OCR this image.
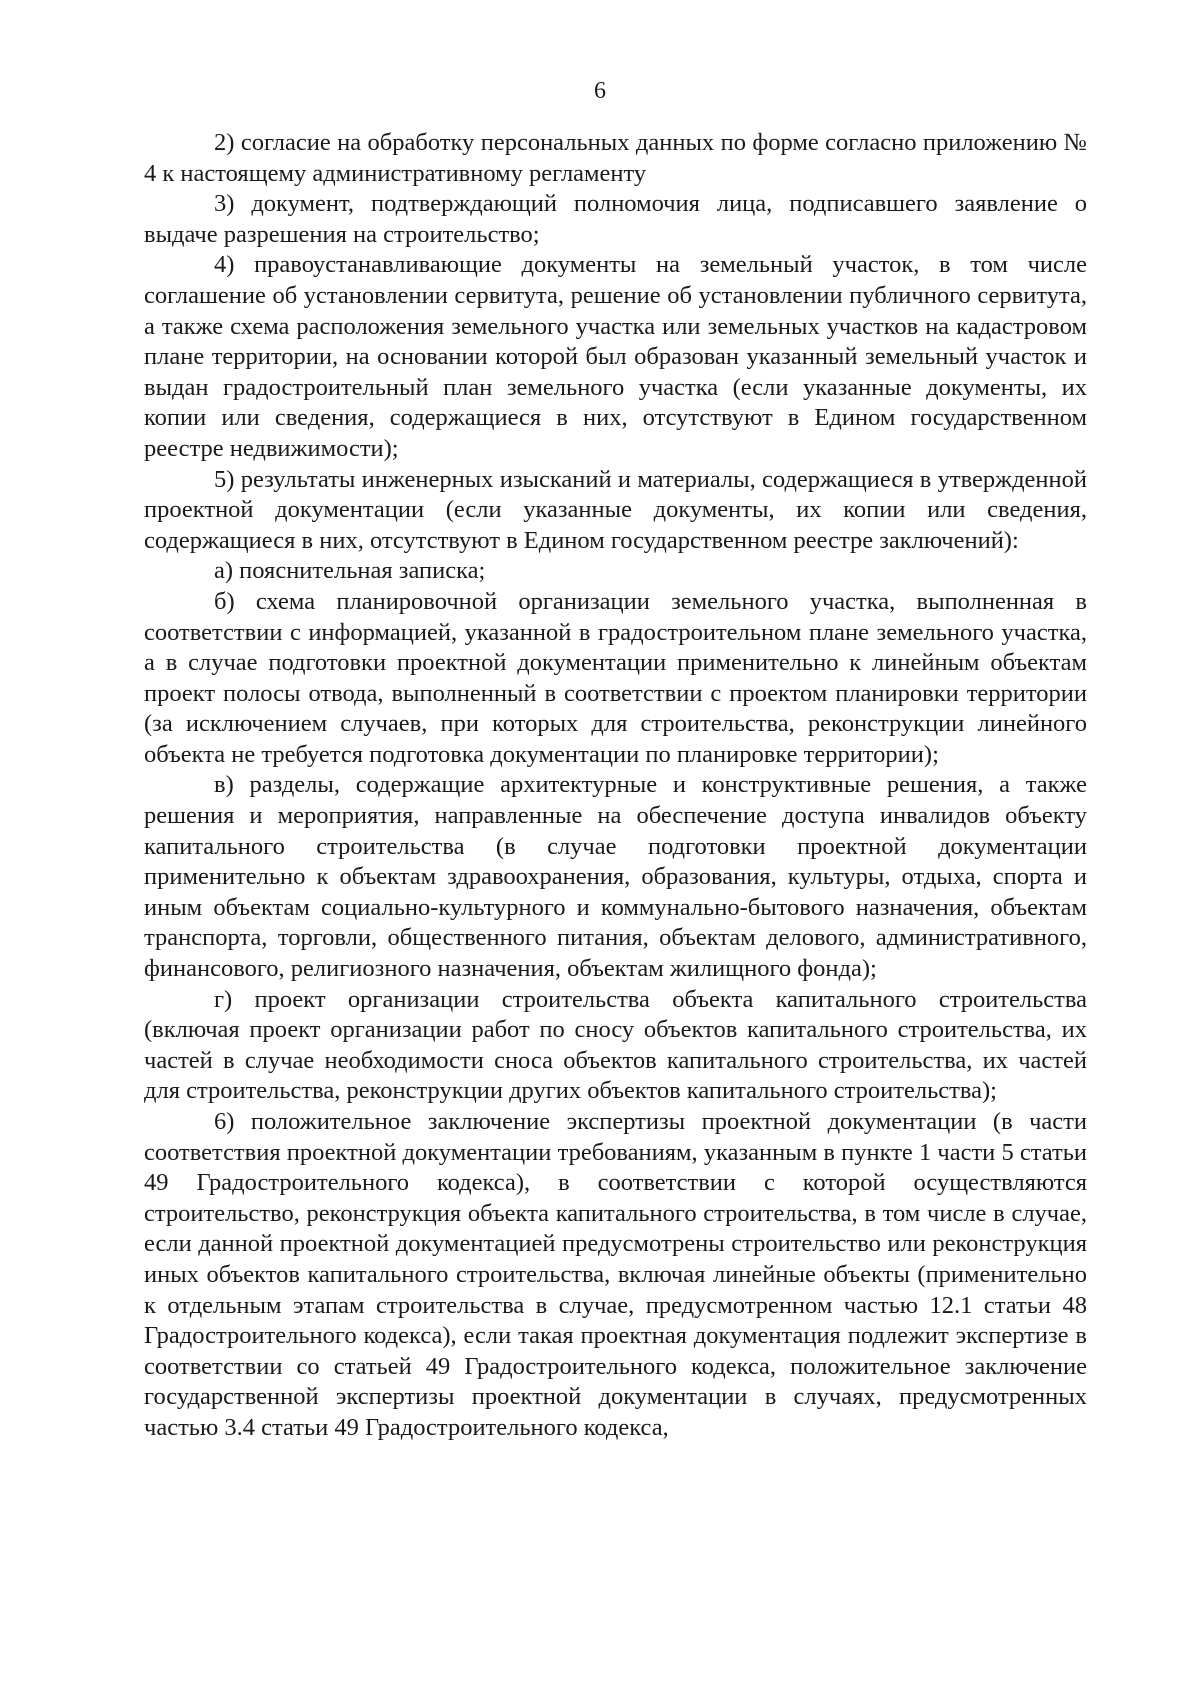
6

2) согласие на обработку персональных данных по форме согласно приложению № 4 к настоящему административному регламенту

3) документ, подтверждающий полномочия лица, подписавшего заявление о выдаче разрешения на строительство;

4) правоустанавливающие документы на земельный участок, в том числе соглашение об установлении сервитута, решение об установлении публичного сервитута, а также схема расположения земельного участка или земельных участков на кадастровом плане территории, на основании которой был образован указанный земельный участок и выдан градостроительный план земельного участка (если указанные документы, их копии или сведения, содержащиеся в них, отсутствуют в Едином государственном реестре недвижимости);

5) результаты инженерных изысканий и материалы, содержащиеся в утвержденной проектной документации (если указанные документы, их копии или сведения, содержащиеся в них, отсутствуют в Едином государственном реестре заключений):

а) пояснительная записка;

б) схема планировочной организации земельного участка, выполненная в соответствии с информацией, указанной в градостроительном плане земельного участка, а в случае подготовки проектной документации применительно к линейным объектам проект полосы отвода, выполненный в соответствии с проектом планировки территории (за исключением случаев, при которых для строительства, реконструкции линейного объекта не требуется подготовка документации по планировке территории);

в) разделы, содержащие архитектурные и конструктивные решения, а также решения и мероприятия, направленные на обеспечение доступа инвалидов объекту капитального строительства (в случае подготовки проектной документации применительно к объектам здравоохранения, образования, культуры, отдыха, спорта и иным объектам социально-культурного и коммунально-бытового назначения, объектам транспорта, торговли, общественного питания, объектам делового, административного, финансового, религиозного назначения, объектам жилищного фонда);

г) проект организации строительства объекта капитального строительства (включая проект организации работ по сносу объектов капитального строительства, их частей в случае необходимости сноса объектов капитального строительства, их частей для строительства, реконструкции других объектов капитального строительства);

6) положительное заключение экспертизы проектной документации (в части соответствия проектной документации требованиям, указанным в пункте 1 части 5 статьи 49 Градостроительного кодекса), в соответствии с которой осуществляются строительство, реконструкция объекта капитального строительства, в том числе в случае, если данной проектной документацией предусмотрены строительство или реконструкция иных объектов капитального строительства, включая линейные объекты (применительно к отдельным этапам строительства в случае, предусмотренном частью 12.1 статьи 48 Градостроительного кодекса), если такая проектная документация подлежит экспертизе в соответствии со статьей 49 Градостроительного кодекса, положительное заключение государственной экспертизы проектной документации в случаях, предусмотренных частью 3.4 статьи 49 Градостроительного кодекса,
